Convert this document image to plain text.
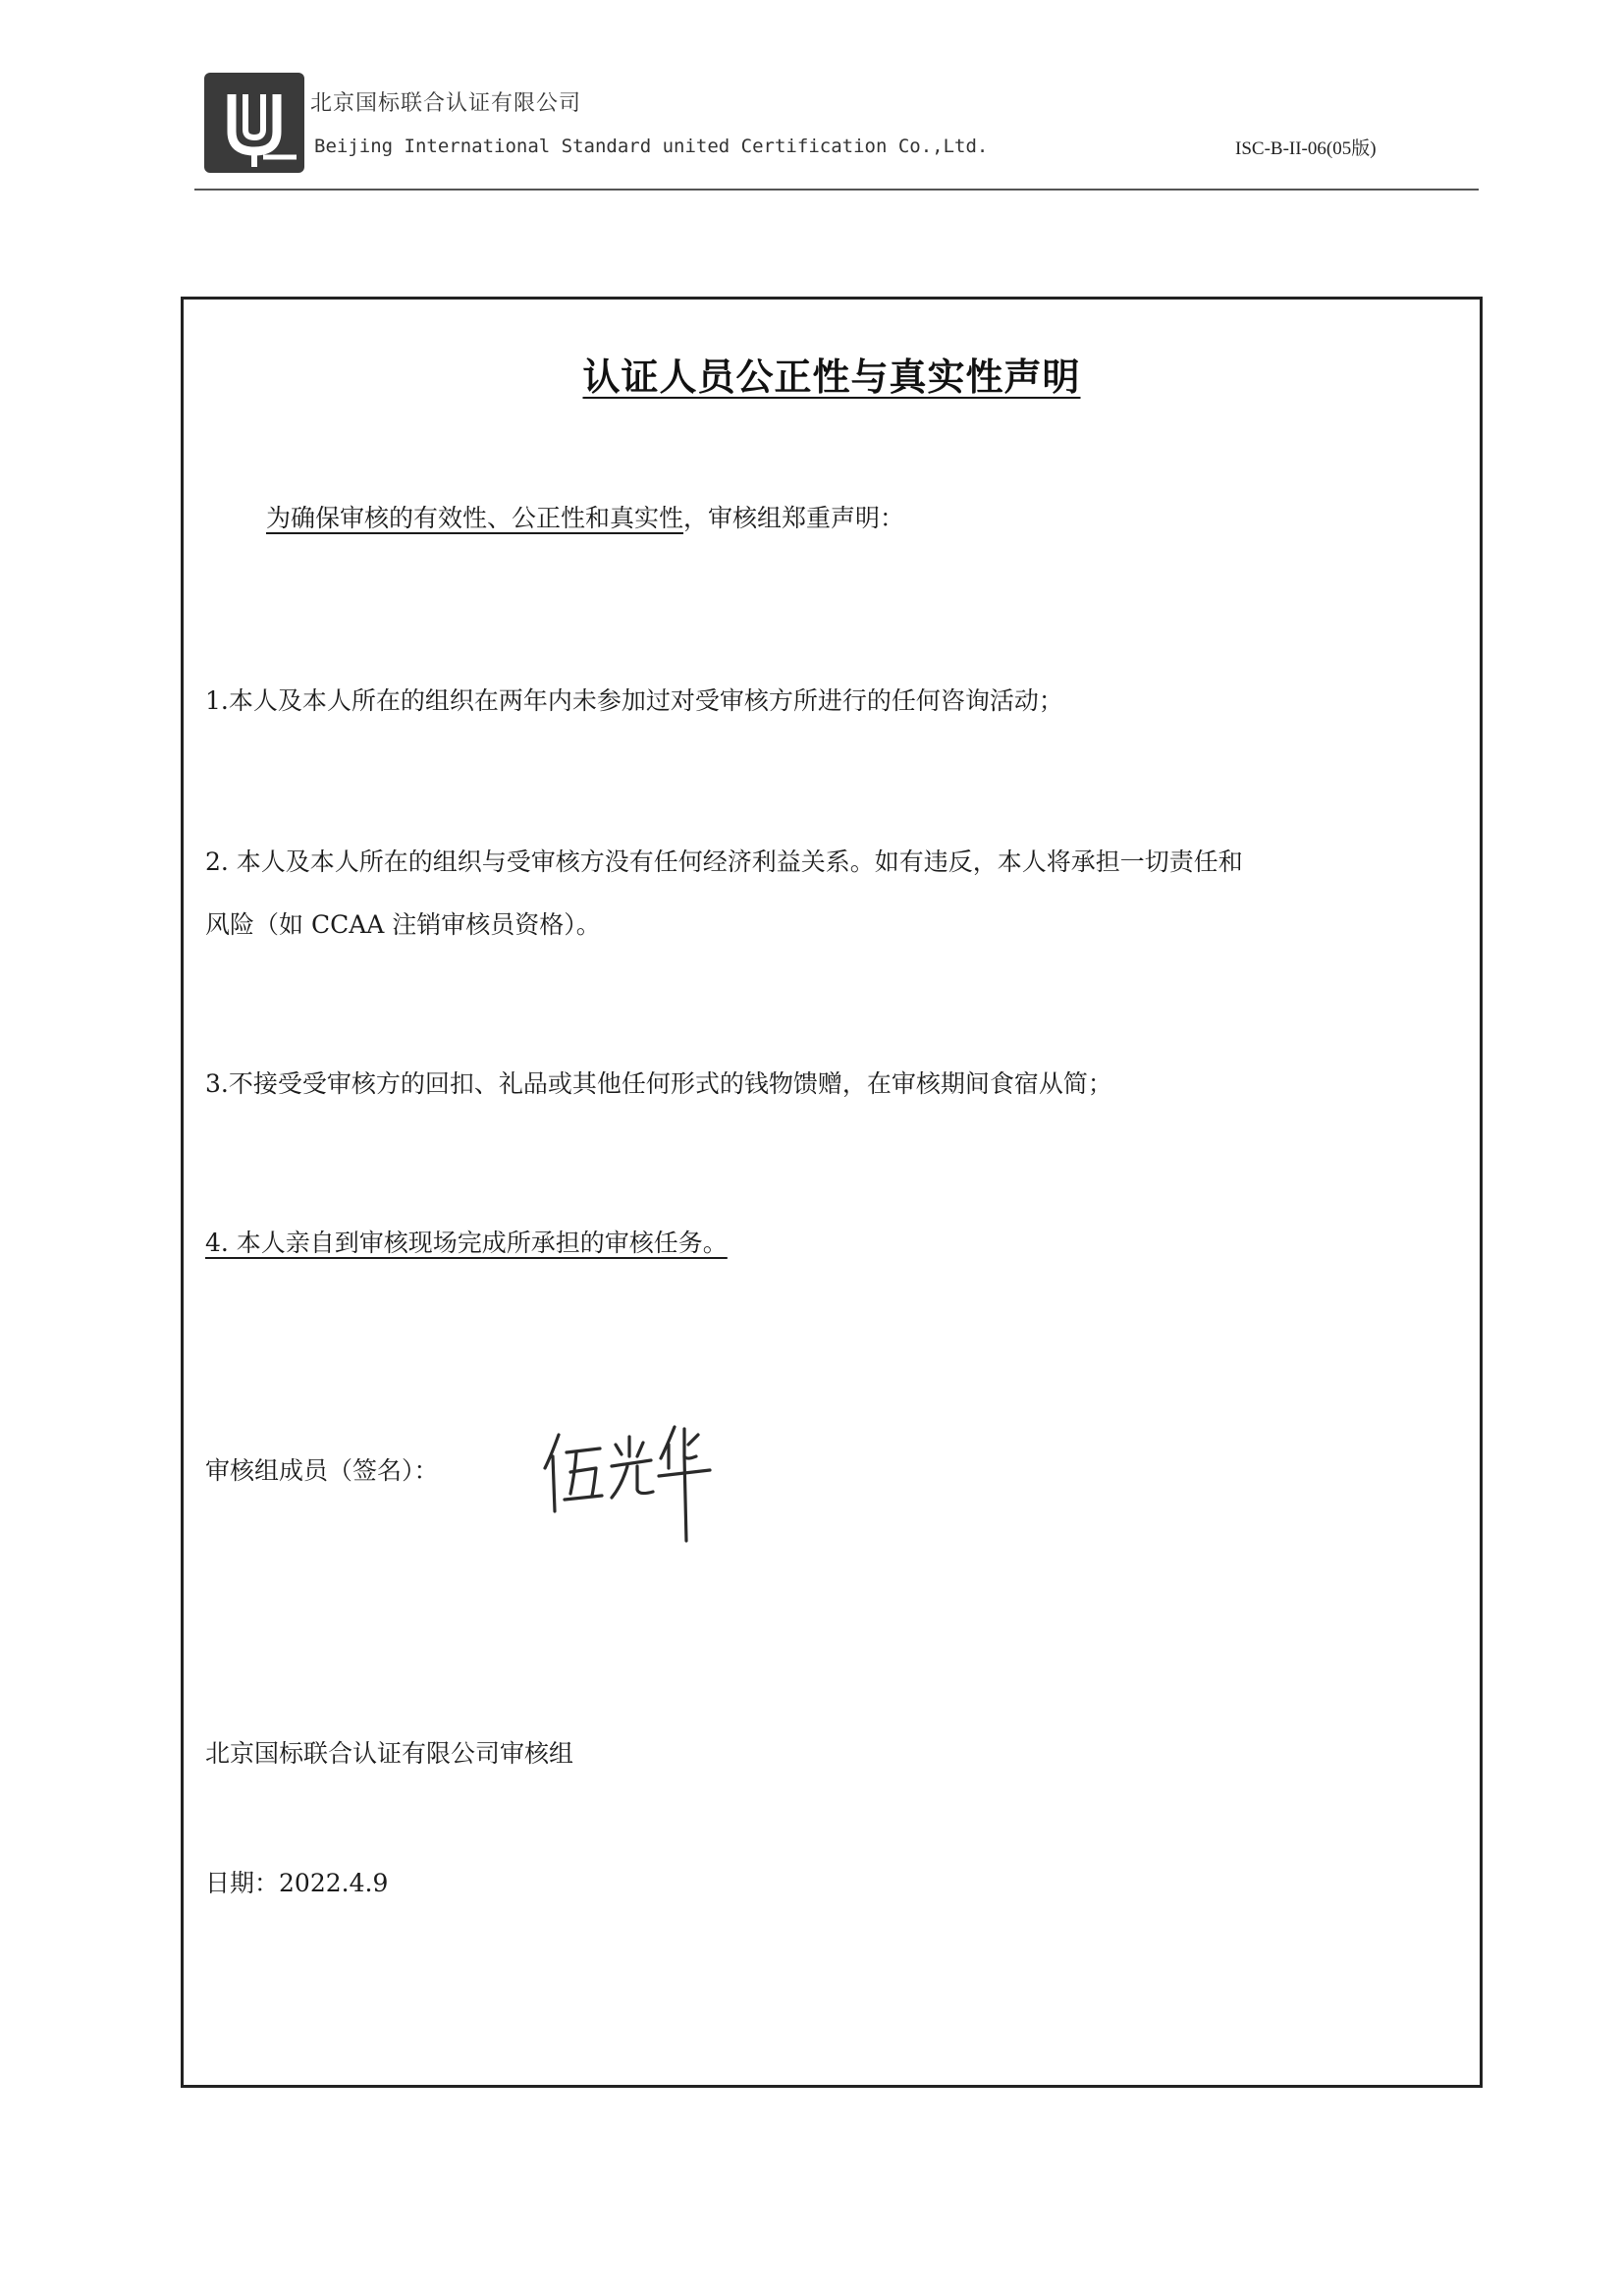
北京国标联合认证有限公司
Beijing International Standard united Certification Co.,Ltd.	ISC-B-II-06(05版)
认证人员公正性与真实性声明
为确保审核的有效性、公正性和真实性，审核组郑重声明：
1.本人及本人所在的组织在两年内未参加过对受审核方所进行的任何咨询活动；
2. 本人及本人所在的组织与受审核方没有任何经济利益关系。如有违反，本人将承担一切责任和
风险（如 CCAA 注销审核员资格）。
3.不接受受审核方的回扣、礼品或其他任何形式的钱物馈赠，在审核期间食宿从简；
4. 本人亲自到审核现场完成所承担的审核任务。
审核组成员（签名）：
北京国标联合认证有限公司审核组
日期：2022.4.9
